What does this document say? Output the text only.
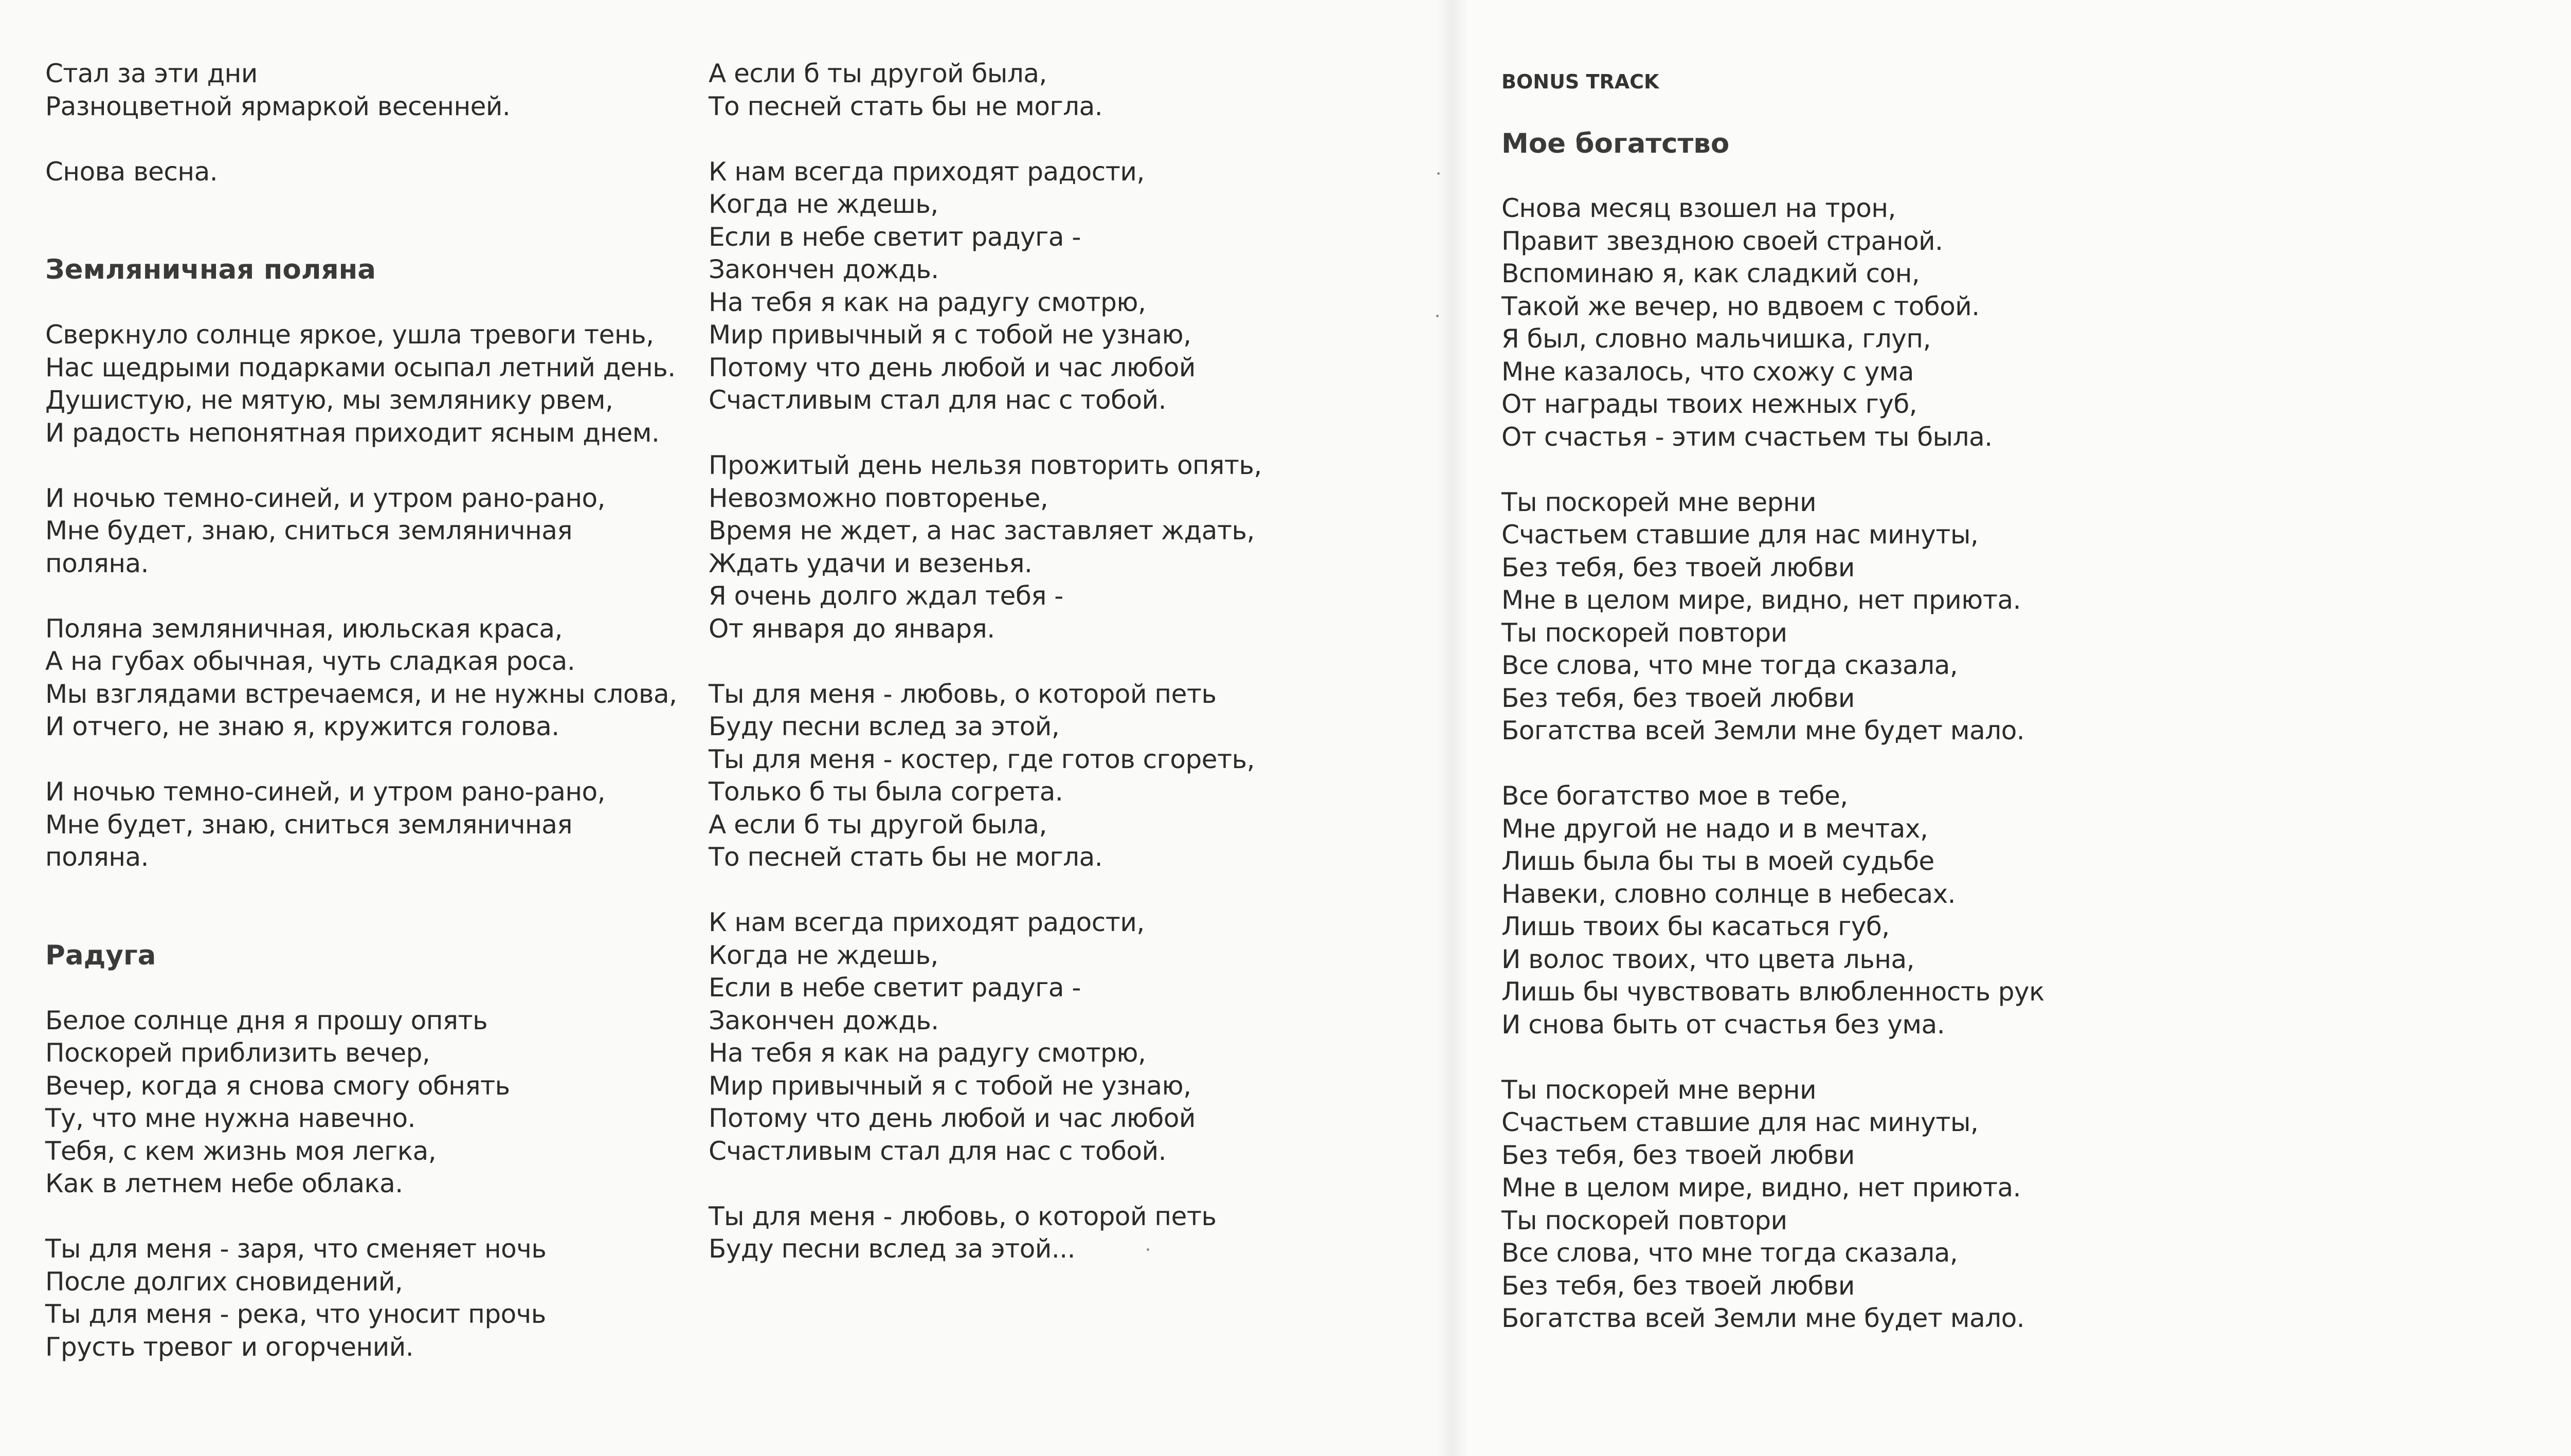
Стал за эти дни
Разноцветной ярмаркой весенней.
Снова весна.
Земляничная поляна
Сверкнуло солнце яркое, ушла тревоги тень,
Нас щедрыми подарками осыпал летний день.
Душистую, не мятую, мы землянику рвем,
И радость непонятная приходит ясным днем.
И ночью темно-синей, и утром рано-рано,
Мне будет, знаю, сниться земляничная
поляна.
Поляна земляничная, июльская краса,
А на губах обычная, чуть сладкая роса.
Мы взглядами встречаемся, и не нужны слова,
И отчего, не знаю я, кружится голова.
И ночью темно-синей, и утром рано-рано,
Мне будет, знаю, сниться земляничная
поляна.
Радуга
Белое солнце дня я прошу опять
Поскорей приблизить вечер,
Вечер, когда я снова смогу обнять
Ту, что мне нужна навечно.
Тебя, с кем жизнь моя легка,
Как в летнем небе облака.
Ты для меня - заря, что сменяет ночь
После долгих сновидений,
Ты для меня - река, что уносит прочь
Грусть тревог и огорчений.
А если б ты другой была,
То песней стать бы не могла.
К нам всегда приходят радости,
Когда не ждешь,
Если в небе светит радуга -
Закончен дождь.
На тебя я как на радугу смотрю,
Мир привычный я с тобой не узнаю,
Потому что день любой и час любой
Счастливым стал для нас с тобой.
Прожитый день нельзя повторить опять,
Невозможно повторенье,
Время не ждет, а нас заставляет ждать,
Ждать удачи и везенья.
Я очень долго ждал тебя -
От января до января.
Ты для меня - любовь, о которой петь
Буду песни вслед за этой,
Ты для меня - костер, где готов сгореть,
Только б ты была согрета.
А если б ты другой была,
То песней стать бы не могла.
К нам всегда приходят радости,
Когда не ждешь,
Если в небе светит радуга -
Закончен дождь.
На тебя я как на радугу смотрю,
Мир привычный я с тобой не узнаю,
Потому что день любой и час любой
Счастливым стал для нас с тобой.
Ты для меня - любовь, о которой петь
Буду песни вслед за этой...
BONUS TRACK
Мое богатство
Снова месяц взошел на трон,
Правит звездною своей страной.
Вспоминаю я, как сладкий сон,
Такой же вечер, но вдвоем с тобой.
Я был, словно мальчишка, глуп,
Мне казалось, что схожу с ума
От награды твоих нежных губ,
От счастья - этим счастьем ты была.
Ты поскорей мне верни
Счастьем ставшие для нас минуты,
Без тебя, без твоей любви
Мне в целом мире, видно, нет приюта.
Ты поскорей повтори
Все слова, что мне тогда сказала,
Без тебя, без твоей любви
Богатства всей Земли мне будет мало.
Все богатство мое в тебе,
Мне другой не надо и в мечтах,
Лишь была бы ты в моей судьбе
Навеки, словно солнце в небесах.
Лишь твоих бы касаться губ,
И волос твоих, что цвета льна,
Лишь бы чувствовать влюбленность рук
И снова быть от счастья без ума.
Ты поскорей мне верни
Счастьем ставшие для нас минуты,
Без тебя, без твоей любви
Мне в целом мире, видно, нет приюта.
Ты поскорей повтори
Все слова, что мне тогда сказала,
Без тебя, без твоей любви
Богатства всей Земли мне будет мало.
